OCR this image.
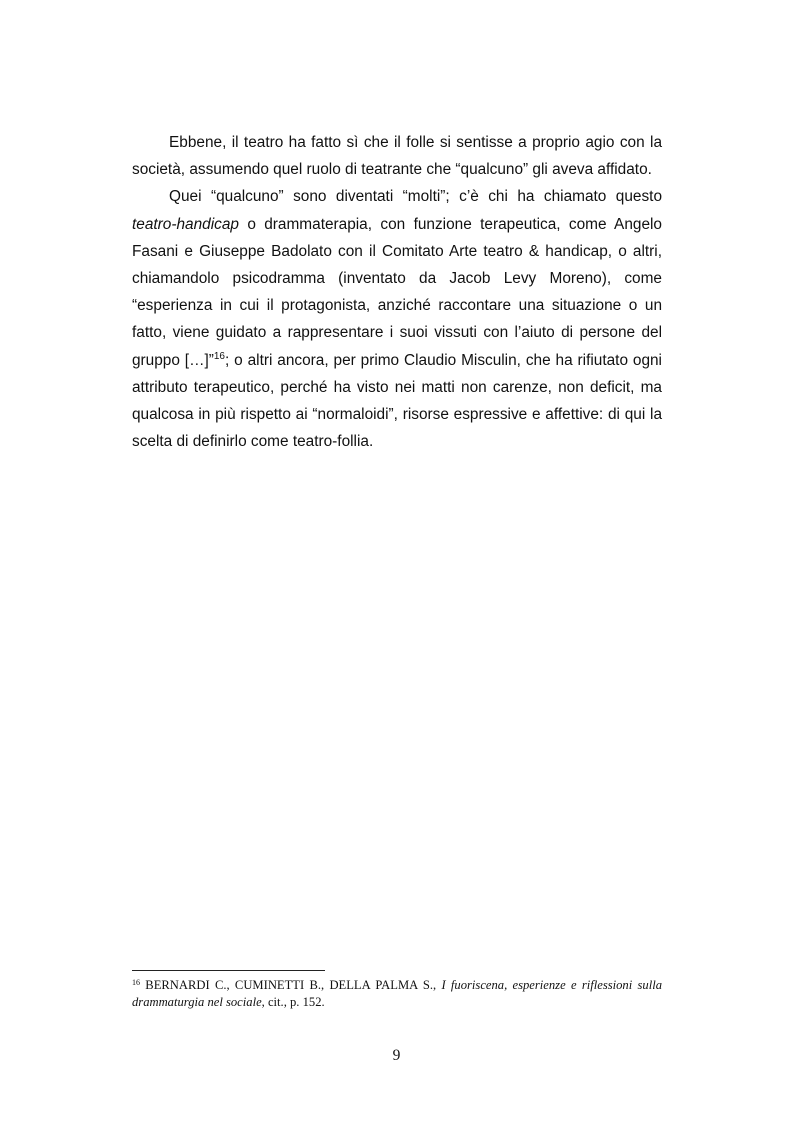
Ebbene, il teatro ha fatto sì che il folle si sentisse a proprio agio con la società, assumendo quel ruolo di teatrante che “qualcuno” gli aveva affidato.

Quei “qualcuno” sono diventati “molti”; c’è chi ha chiamato questo teatro-handicap o drammaterapia, con funzione terapeutica, come Angelo Fasani e Giuseppe Badolato con il Comitato Arte teatro & handicap, o altri, chiamandolo psicodramma (inventato da Jacob Levy Moreno), come “esperienza in cui il protagonista, anziché raccontare una situazione o un fatto, viene guidato a rappresentare i suoi vissuti con l’aiuto di persone del gruppo […]”$^{16}$; o altri ancora, per primo Claudio Misculin, che ha rifiutato ogni attributo terapeutico, perché ha visto nei matti non carenze, non deficit, ma qualcosa in più rispetto ai “normaloidi”, risorse espressive e affettive: di qui la scelta di definirlo come teatro-follia.

$^{16}$ BERNARDI C., CUMINETTI B., DELLA PALMA S., I fuoriscena, esperienze e riflessioni sulla drammaturgia nel sociale, cit., p. 152.
9
